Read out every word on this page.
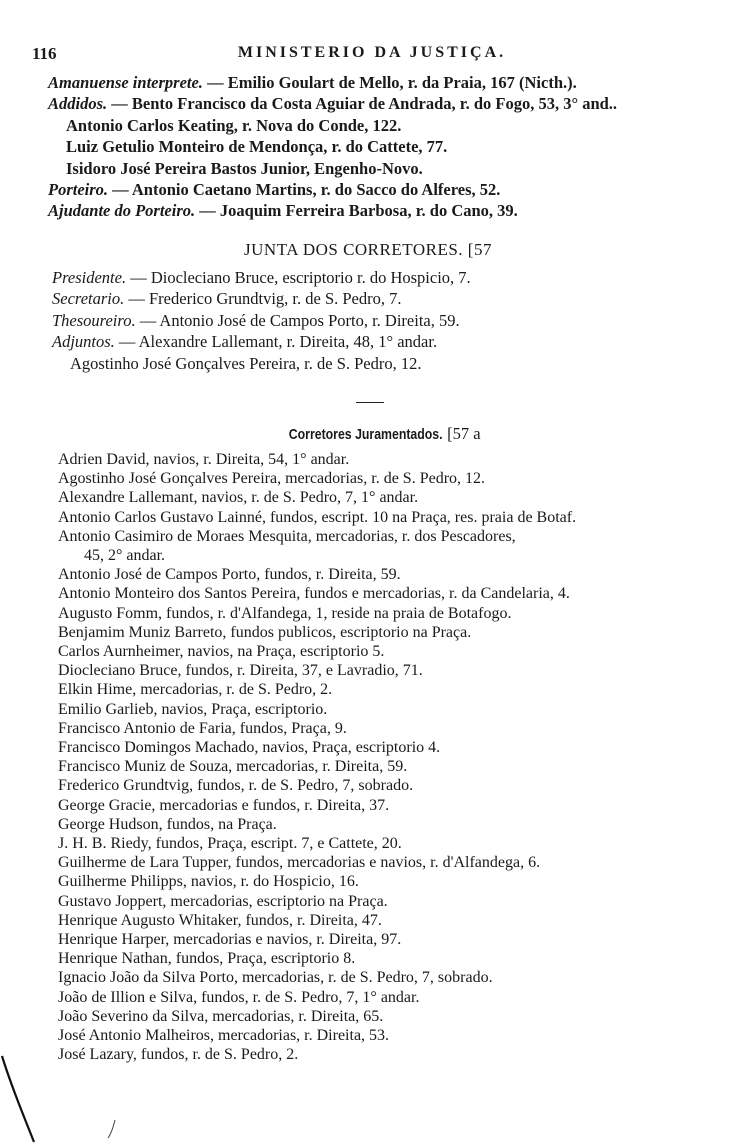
116	MINISTERIO DA JUSTIÇA.
Amanuense interprete. — Emilio Goulart de Mello, r. da Praia, 167 (Nicth.).
Addidos. — Bento Francisco da Costa Aguiar de Andrada, r. do Fogo, 53, 3° and..
Antonio Carlos Keating, r. Nova do Conde, 122.
Luiz Getulio Monteiro de Mendonça, r. do Cattete, 77.
Isidoro José Pereira Bastos Junior, Engenho-Novo.
Porteiro. — Antonio Caetano Martins, r. do Sacco do Alferes, 52.
Ajudante do Porteiro. — Joaquim Ferreira Barbosa, r. do Cano, 39.
JUNTA DOS CORRETORES. [57
Presidente. — Diocleciano Bruce, escriptorio r. do Hospicio, 7.
Secretario. — Frederico Grundtvig, r. de S. Pedro, 7.
Thesoureiro. — Antonio José de Campos Porto, r. Direita, 59.
Adjuntos. — Alexandre Lallemant, r. Direita, 48, 1° andar.
Agostinho José Gonçalves Pereira, r. de S. Pedro, 12.
Corretores Juramentados. [57 a
Adrien David, navios, r. Direita, 54, 1° andar.
Agostinho José Gonçalves Pereira, mercadorias, r. de S. Pedro, 12.
Alexandre Lallemant, navios, r. de S. Pedro, 7, 1° andar.
Antonio Carlos Gustavo Lainné, fundos, escript. 10 na Praça, res. praia de Botaf.
Antonio Casimiro de Moraes Mesquita, mercadorias, r. dos Pescadores,
45, 2° andar.
Antonio José de Campos Porto, fundos, r. Direita, 59.
Antonio Monteiro dos Santos Pereira, fundos e mercadorias, r. da Candelaria, 4.
Augusto Fomm, fundos, r. d'Alfandega, 1, reside na praia de Botafogo.
Benjamim Muniz Barreto, fundos publicos, escriptorio na Praça.
Carlos Aurnheimer, navios, na Praça, escriptorio 5.
Diocleciano Bruce, fundos, r. Direita, 37, e Lavradio, 71.
Elkin Hime, mercadorias, r. de S. Pedro, 2.
Emilio Garlieb, navios, Praça, escriptorio.
Francisco Antonio de Faria, fundos, Praça, 9.
Francisco Domingos Machado, navios, Praça, escriptorio 4.
Francisco Muniz de Souza, mercadorias, r. Direita, 59.
Frederico Grundtvig, fundos, r. de S. Pedro, 7, sobrado.
George Gracie, mercadorias e fundos, r. Direita, 37.
George Hudson, fundos, na Praça.
J. H. B. Riedy, fundos, Praça, escript. 7, e Cattete, 20.
Guilherme de Lara Tupper, fundos, mercadorias e navios, r. d'Alfandega, 6.
Guilherme Philipps, navios, r. do Hospicio, 16.
Gustavo Joppert, mercadorias, escriptorio na Praça.
Henrique Augusto Whitaker, fundos, r. Direita, 47.
Henrique Harper, mercadorias e navios, r. Direita, 97.
Henrique Nathan, fundos, Praça, escriptorio 8.
Ignacio João da Silva Porto, mercadorias, r. de S. Pedro, 7, sobrado.
João de Illion e Silva, fundos, r. de S. Pedro, 7, 1° andar.
João Severino da Silva, mercadorias, r. Direita, 65.
José Antonio Malheiros, mercadorias, r. Direita, 53.
José Lazary, fundos, r. de S. Pedro, 2.
